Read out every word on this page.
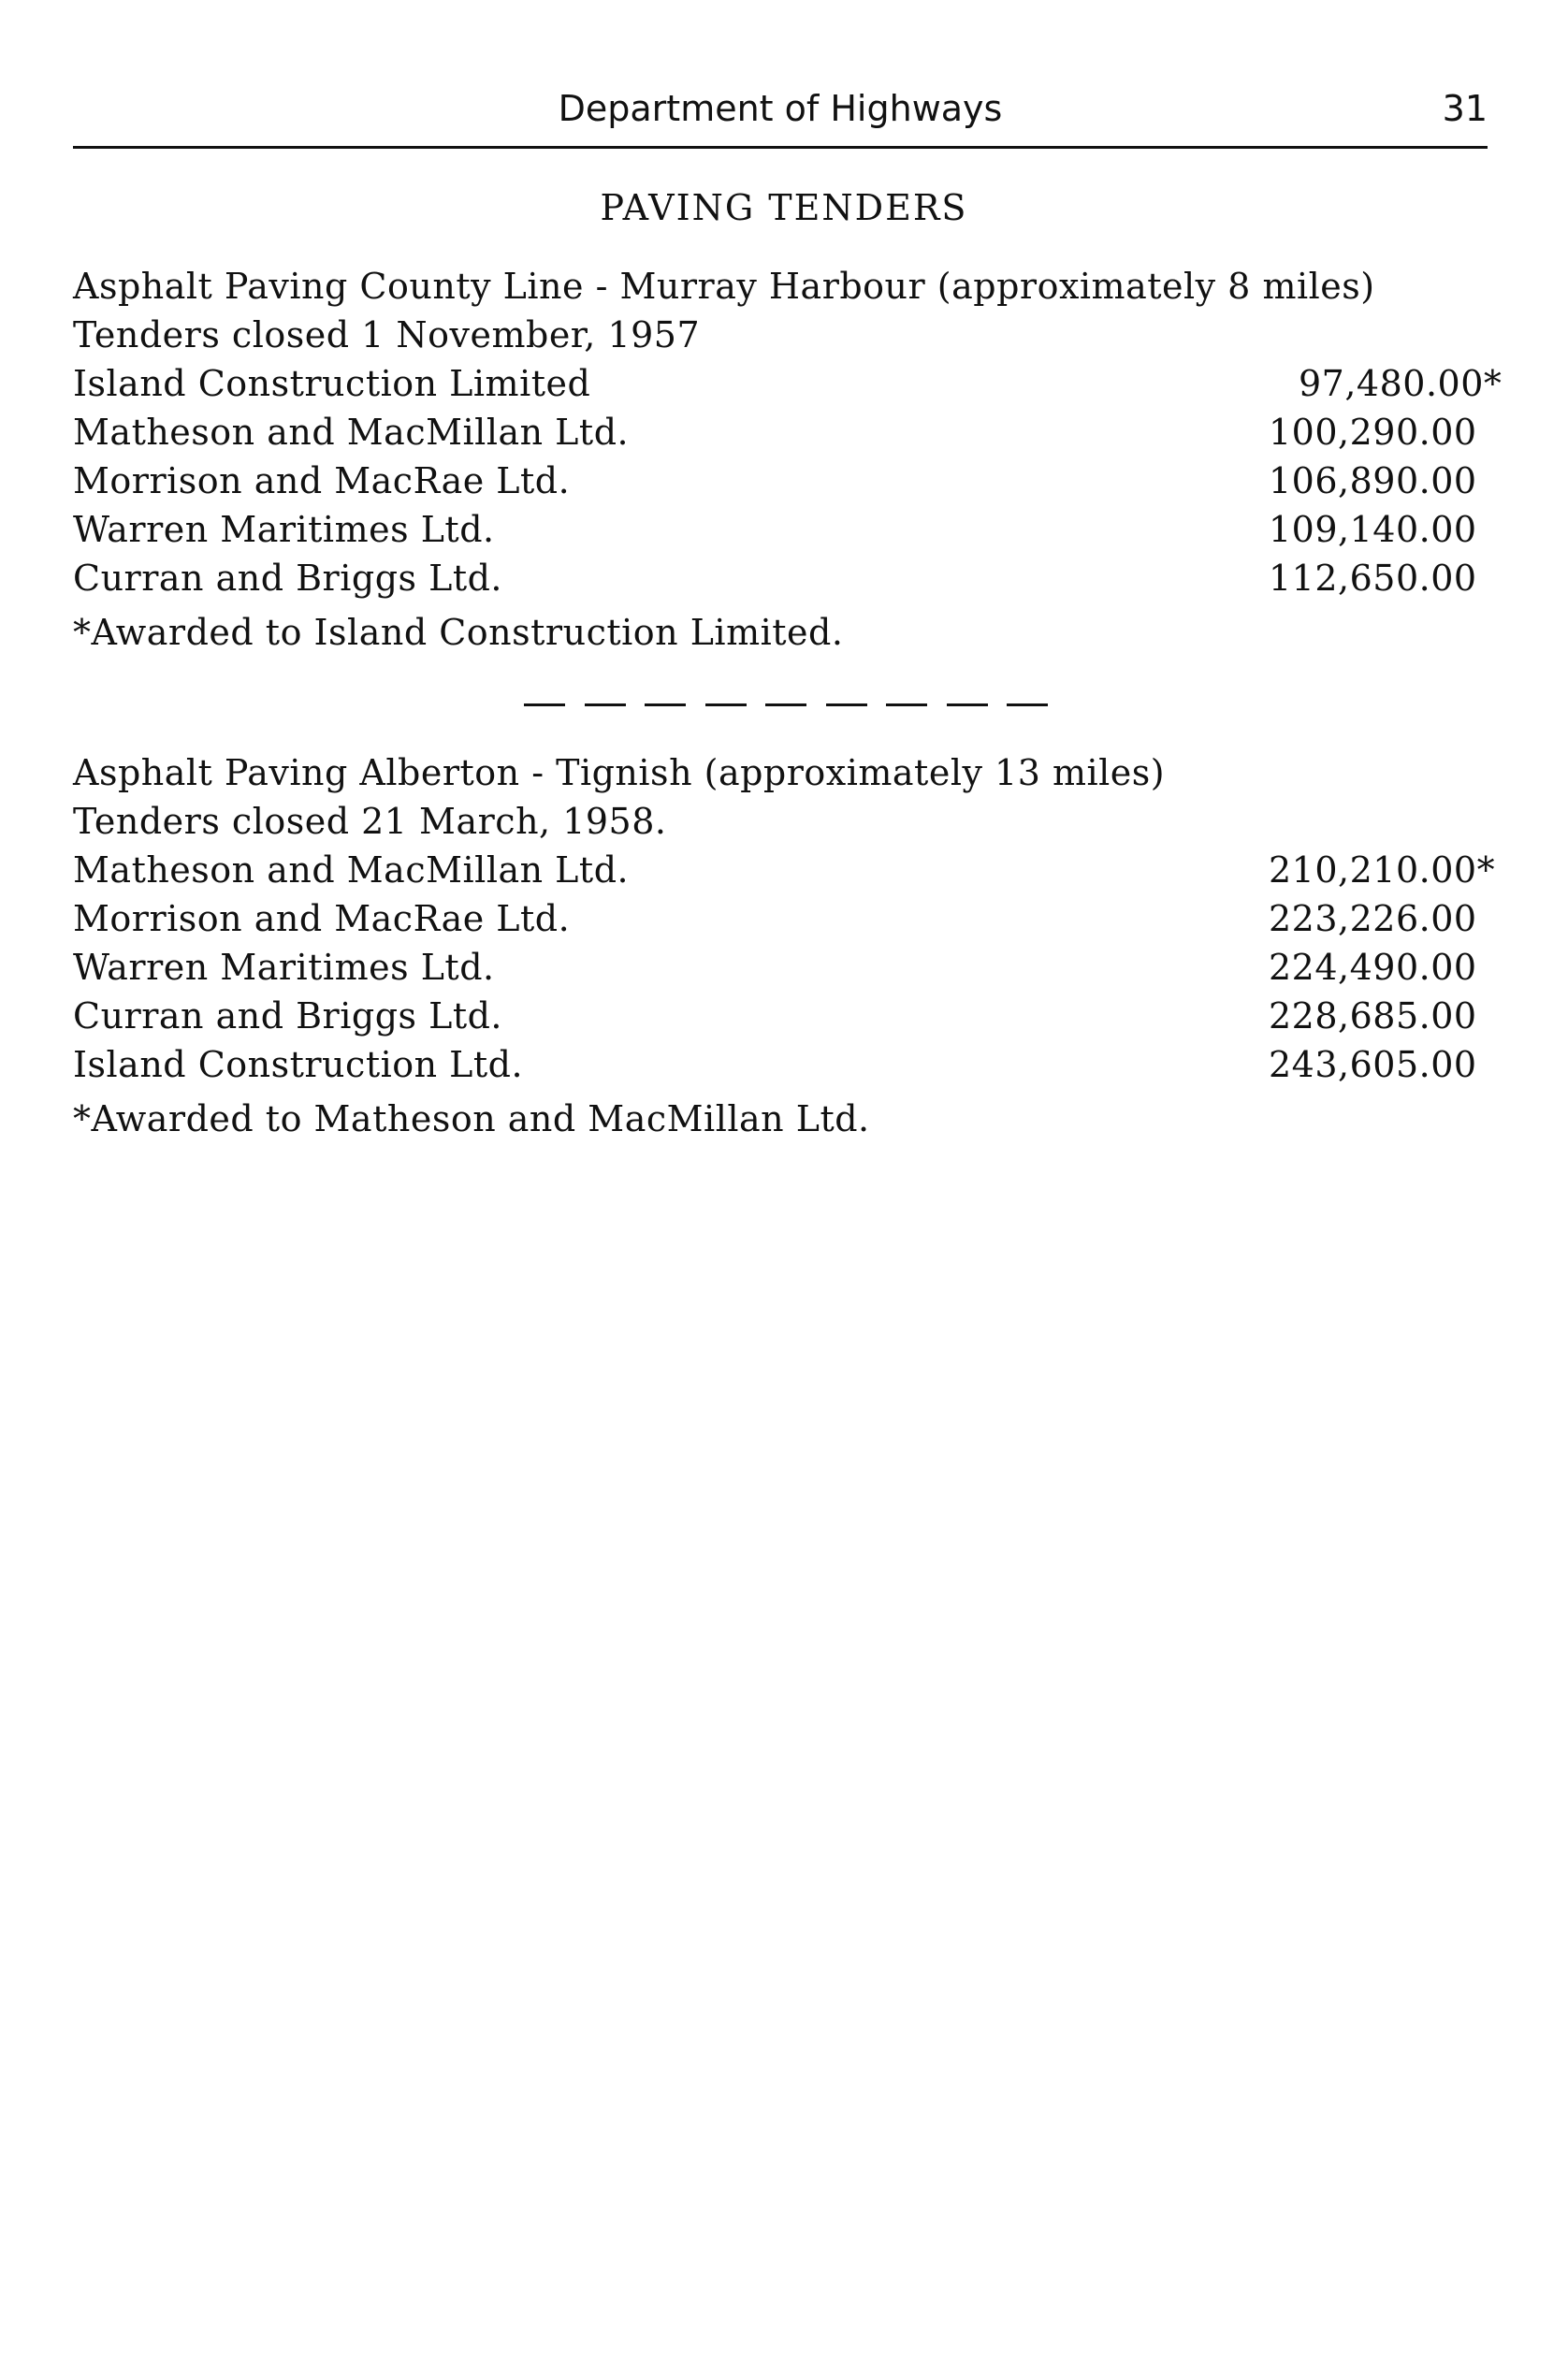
Department of Highways	31
PAVING TENDERS
Asphalt Paving County Line - Murray Harbour (approximately 8 miles)
Tenders closed 1 November, 1957
Island Construction Limited	97,480.00*
Matheson and MacMillan Ltd.	100,290.00
Morrison and MacRae Ltd.	106,890.00
Warren Maritimes Ltd.	109,140.00
Curran and Briggs Ltd.	112,650.00
*Awarded to Island Construction Limited.
Asphalt Paving Alberton - Tignish (approximately 13 miles)
Tenders closed 21 March, 1958.
Matheson and MacMillan Ltd.	210,210.00*
Morrison and MacRae Ltd.	223,226.00
Warren Maritimes Ltd.	224,490.00
Curran and Briggs Ltd.	228,685.00
Island Construction Ltd.	243,605.00
*Awarded to Matheson and MacMillan Ltd.
